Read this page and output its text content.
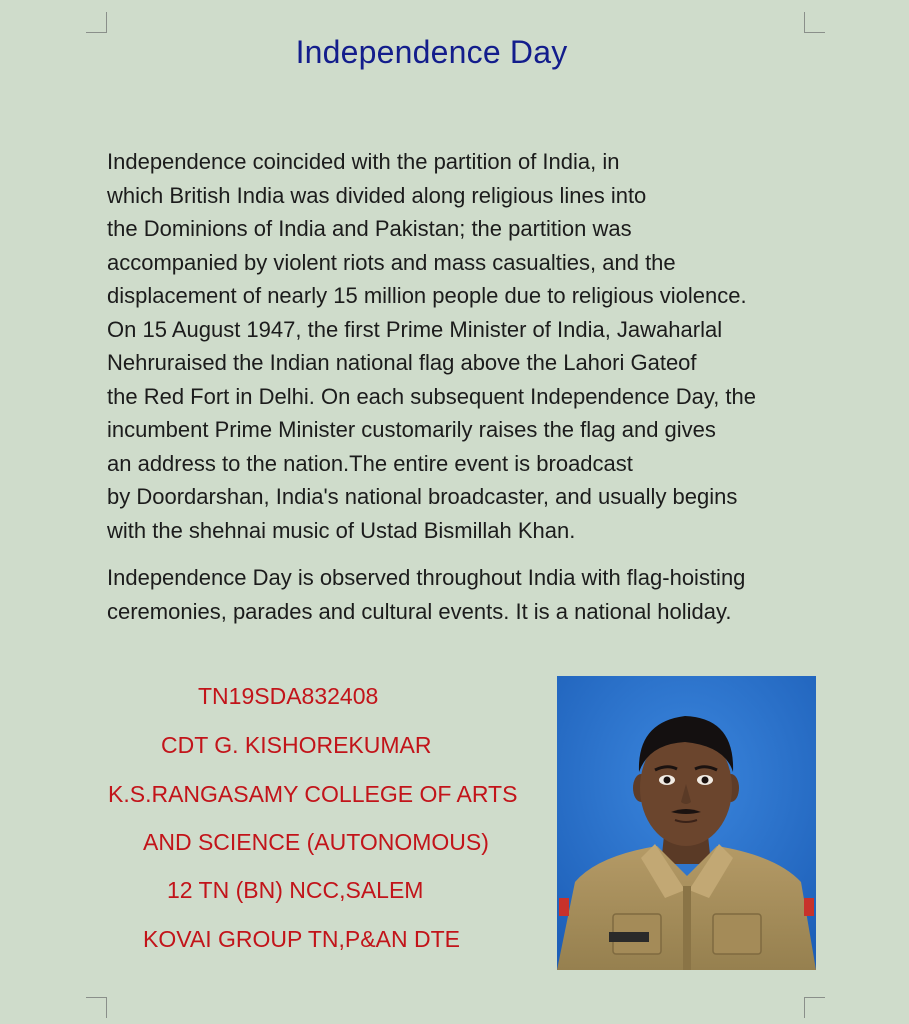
Independence Day
Independence coincided with the partition of India, in
which British India was divided along religious lines into
the Dominions of India and Pakistan; the partition was
accompanied by violent riots and mass casualties, and the
displacement of nearly 15 million people due to religious violence.
On 15 August 1947, the first Prime Minister of India, Jawaharlal
Nehruraised the Indian national flag above the Lahori Gateof
the Red Fort in Delhi. On each subsequent Independence Day, the
incumbent Prime Minister customarily raises the flag and gives
an address to the nation.The entire event is broadcast
by Doordarshan, India's national broadcaster, and usually begins
with the shehnai music of Ustad Bismillah Khan.
Independence Day is observed throughout India with flag-hoisting
ceremonies, parades and cultural events. It is a national holiday.
TN19SDA832408
CDT G. KISHOREKUMAR
K.S.RANGASAMY COLLEGE OF ARTS
AND SCIENCE (AUTONOMOUS)
12 TN (BN) NCC,SALEM
KOVAI GROUP TN,P&AN DTE
